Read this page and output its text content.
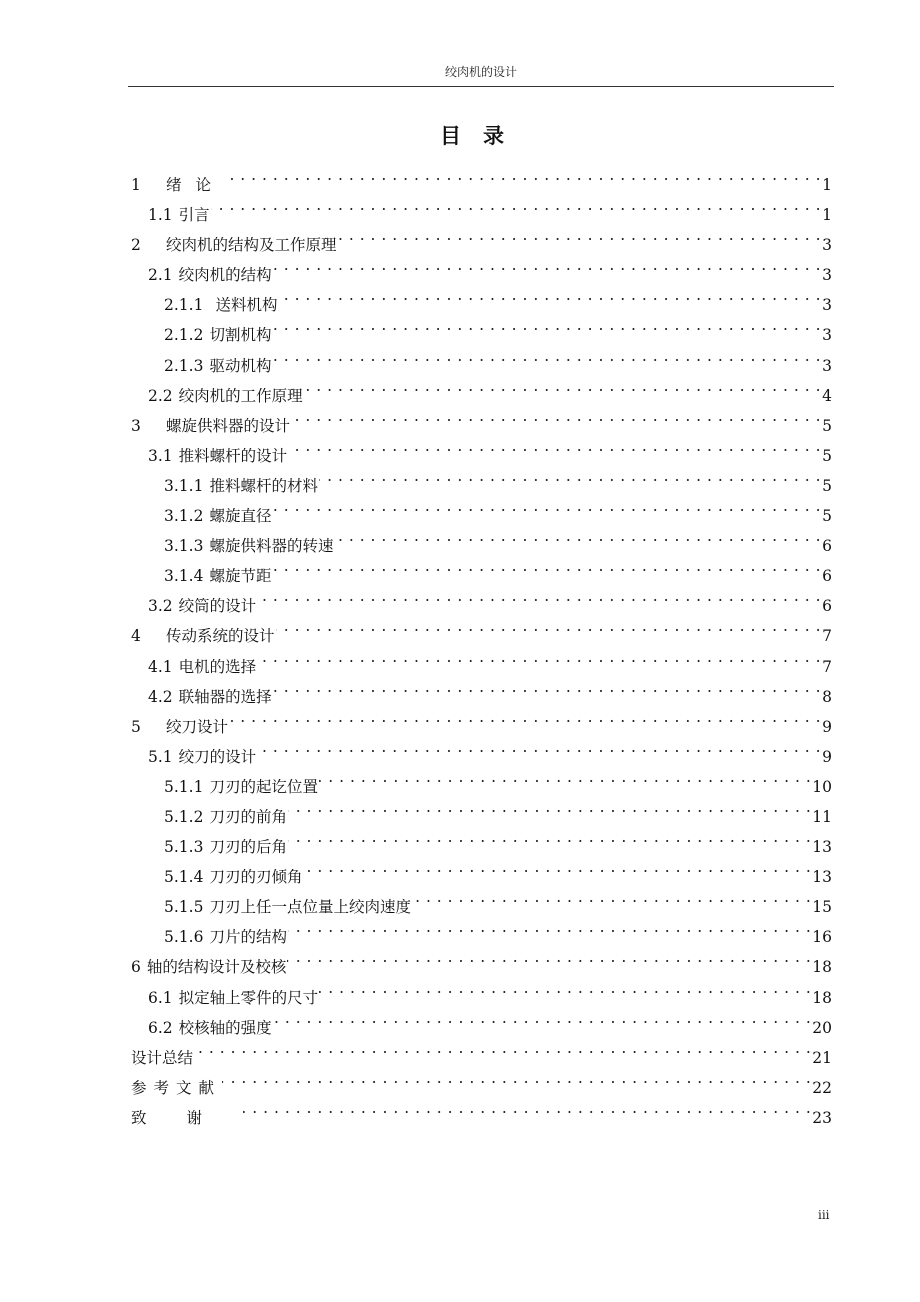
绞肉机的设计
目录
1	绪论 . . .	1
1.1 引言 . . .	1
2	绞肉机的结构及工作原理 . . .	3
2.1 绞肉机的结构 . . .	3
2.1.1 送料机构 . . .	3
2.1.2 切割机构 . . .	3
2.1.3 驱动机构 . . .	3
2.2 绞肉机的工作原理 . . .	4
3	螺旋供料器的设计 . . .	5
3.1 推料螺杆的设计 . . .	5
3.1.1 推料螺杆的材料 . . .	5
3.1.2 螺旋直径 . . .	5
3.1.3 螺旋供料器的转速 . . .	6
3.1.4 螺旋节距 . . .	6
3.2 绞筒的设计 . . .	6
4	传动系统的设计 . . .	7
4.1 电机的选择 . . .	7
4.2 联轴器的选择 . . .	8
5	绞刀设计 . . .	9
5.1 绞刀的设计 . . .	9
5.1.1 刀刃的起讫位置 . . .	10
5.1.2 刀刃的前角 . . .	11
5.1.3 刀刃的后角 . . .	13
5.1.4 刀刃的刃倾角 . . .	13
5.1.5 刀刃上任一点位量上绞肉速度 . . .	15
5.1.6 刀片的结构 . . .	16
6 轴的结构设计及校核 . . .	18
6.1 拟定轴上零件的尺寸 . . .	18
6.2 校核轴的强度 . . .	20
设计总结 . . .	21
参考文献 . . .	22
致谢 . . .	23
iii
